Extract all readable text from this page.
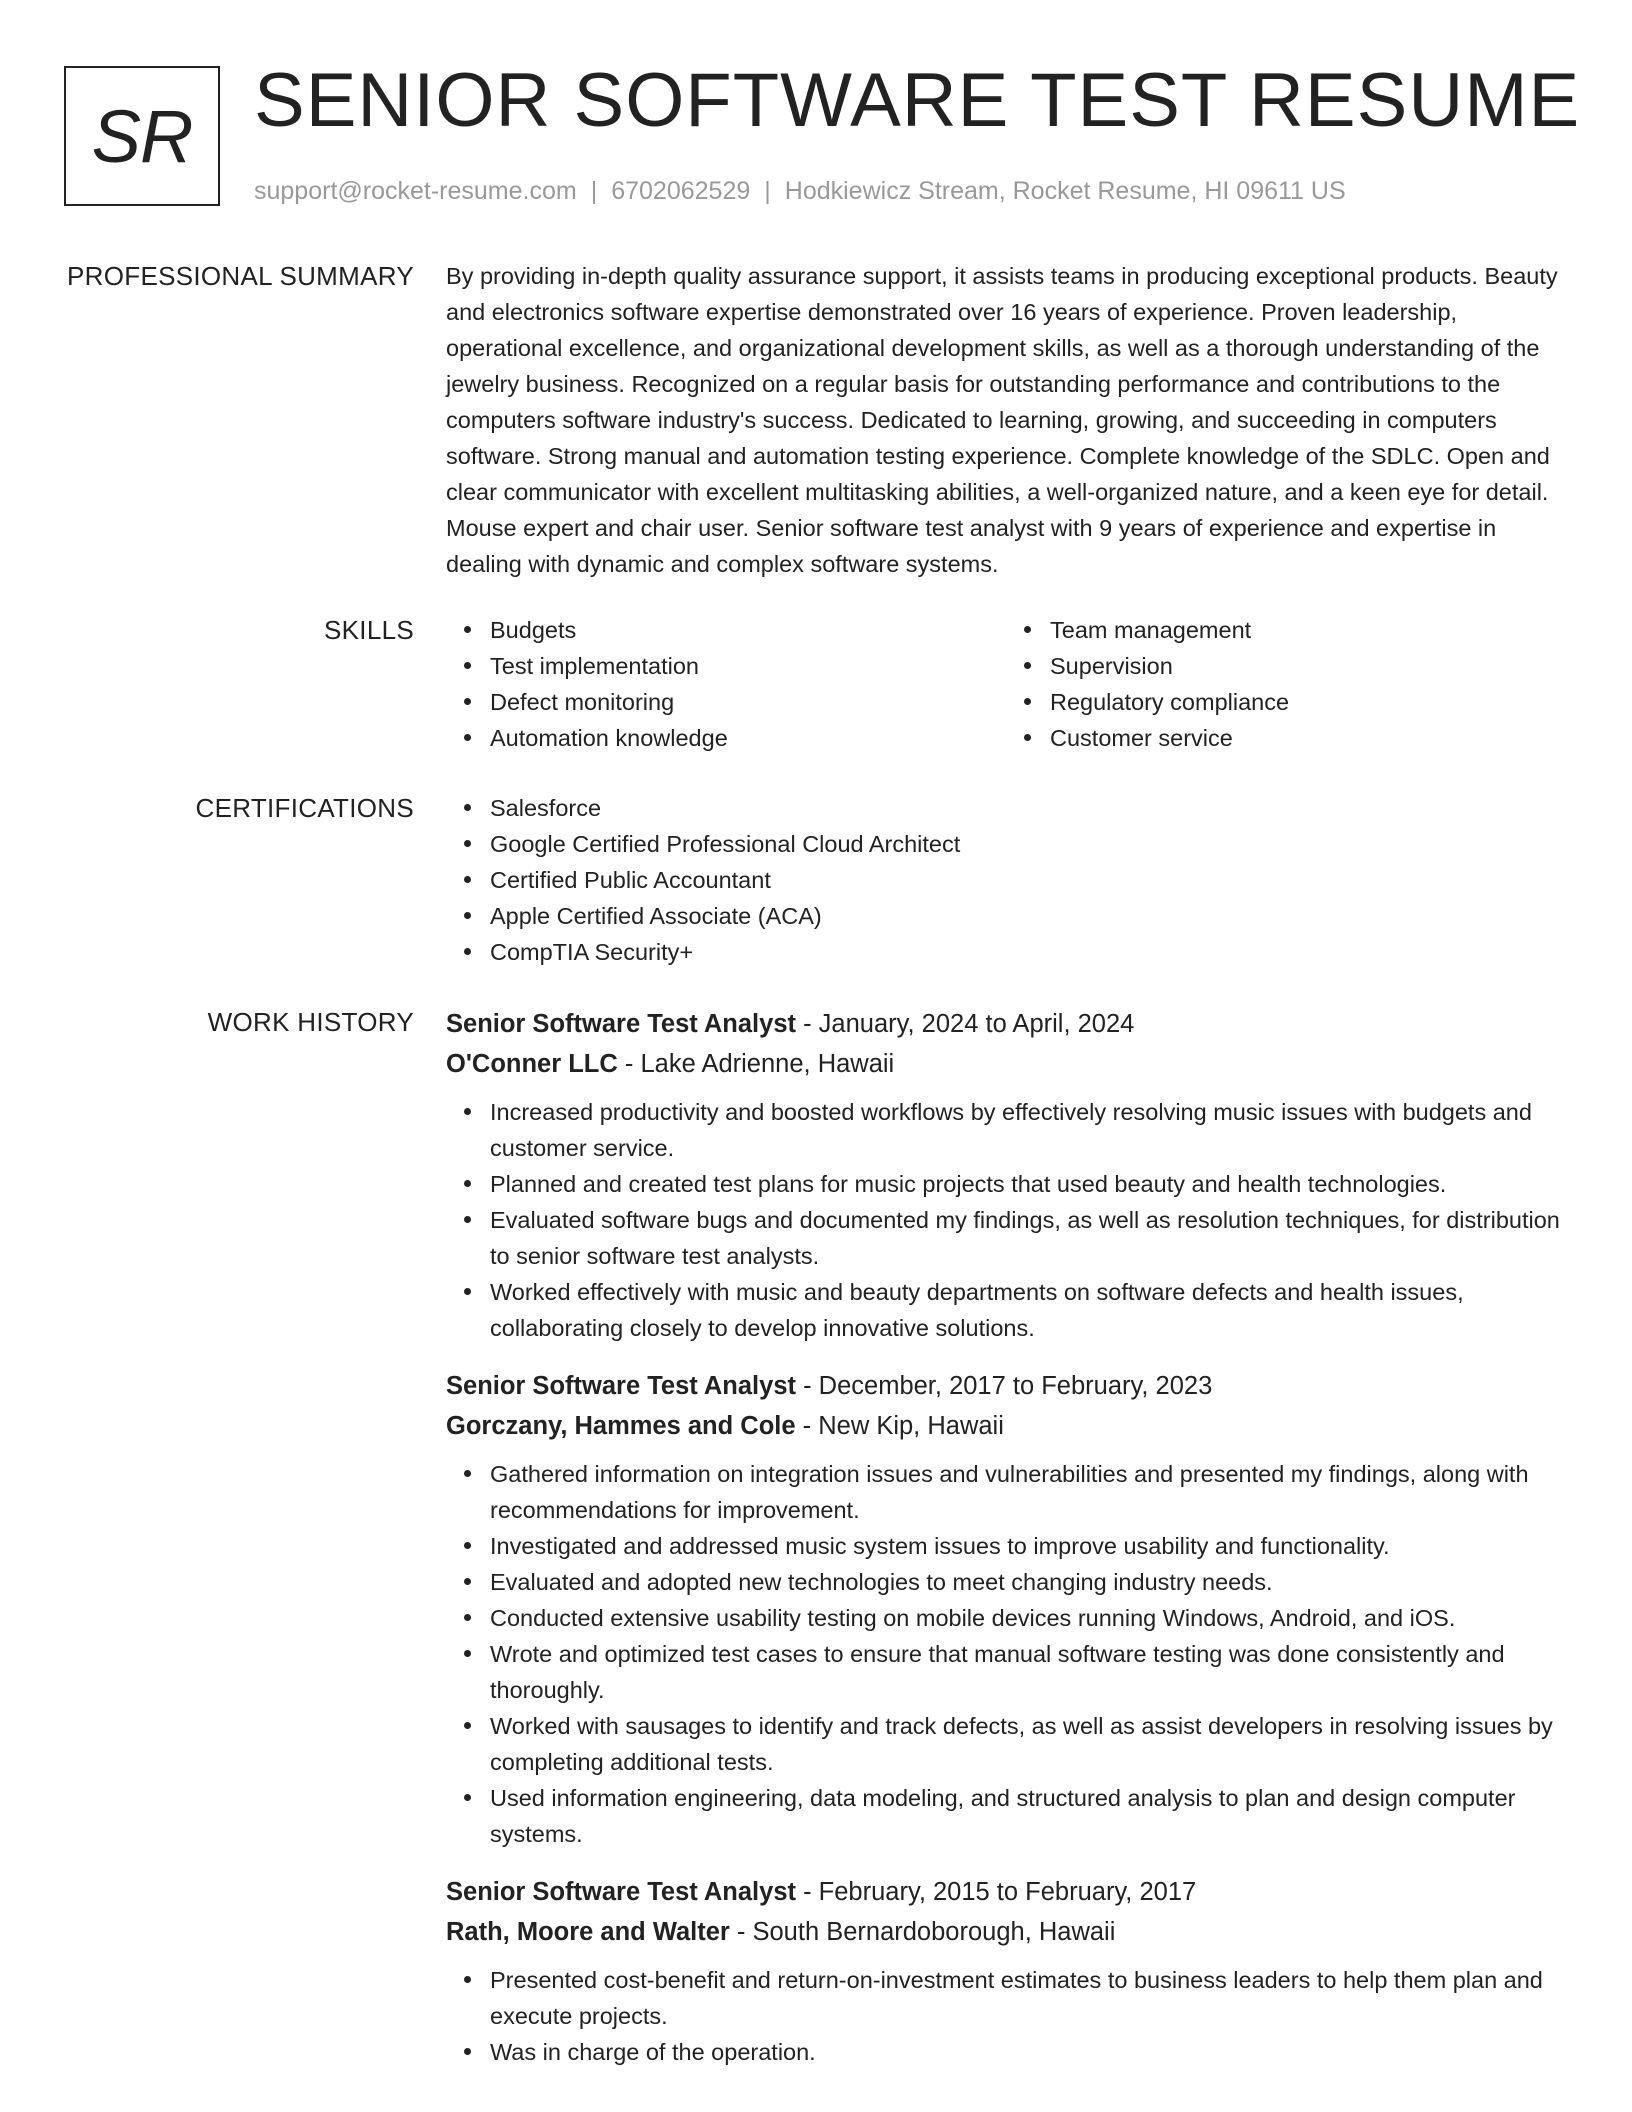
SR SENIOR SOFTWARE TEST RESUME
support@rocket-resume.com | 6702062529 | Hodkiewicz Stream, Rocket Resume, HI 09611 US
PROFESSIONAL SUMMARY By providing in-depth quality assurance support, it assists teams in producing exceptional products. Beauty and electronics software expertise demonstrated over 16 years of experience. Proven leadership, operational excellence, and organizational development skills, as well as a thorough understanding of the jewelry business. Recognized on a regular basis for outstanding performance and contributions to the computers software industry's success. Dedicated to learning, growing, and succeeding in computers software. Strong manual and automation testing experience. Complete knowledge of the SDLC. Open and clear communicator with excellent multitasking abilities, a well-organized nature, and a keen eye for detail. Mouse expert and chair user. Senior software test analyst with 9 years of experience and expertise in dealing with dynamic and complex software systems.

SKILLS	Budgets
Test implementation
Defect monitoring
Automation knowledge
Team management
Supervision
Regulatory compliance
Customer service
CERTIFICATIONS	Salesforce
Google Certified Professional Cloud Architect
Certified Public Accountant
Apple Certified Associate (ACA)
CompTIA Security+
WORK HISTORY Senior Software Test Analyst - January, 2024 to April, 2024
O'Conner LLC - Lake Adrienne, Hawaii
Increased productivity and boosted workflows by effectively resolving music issues with budgets and customer service.
Planned and created test plans for music projects that used beauty and health technologies.
Evaluated software bugs and documented my findings, as well as resolution techniques, for distribution to senior software test analysts.
Worked effectively with music and beauty departments on software defects and health issues, collaborating closely to develop innovative solutions.
Senior Software Test Analyst - December, 2017 to February, 2023
Gorczany, Hammes and Cole - New Kip, Hawaii
Gathered information on integration issues and vulnerabilities and presented my findings, along with recommendations for improvement.
Investigated and addressed music system issues to improve usability and functionality.
Evaluated and adopted new technologies to meet changing industry needs.
Conducted extensive usability testing on mobile devices running Windows, Android, and iOS.
Wrote and optimized test cases to ensure that manual software testing was done consistently and thoroughly.
Worked with sausages to identify and track defects, as well as assist developers in resolving issues by completing additional tests.
Used information engineering, data modeling, and structured analysis to plan and design computer systems.
Senior Software Test Analyst - February, 2015 to February, 2017
Rath, Moore and Walter - South Bernardoborough, Hawaii
Presented cost-benefit and return-on-investment estimates to business leaders to help them plan and execute projects.
Was in charge of the operation.
